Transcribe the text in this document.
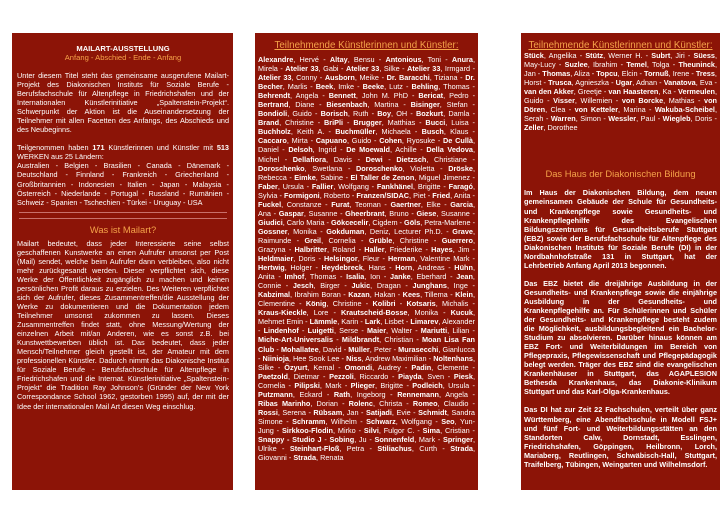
MAILART-AUSSTELLUNG

Anfang - Abschied - Ende - Anfang

Unter diesem Titel steht das gemeinsame ausgerufene Mailart-Projekt des Diakonischen Instituts für Soziale Berufe - Berufsfachschule für Altenpflege in Friedrichshafen und der Internationalen Künstlerinitiative „Spaltenstein-Projekt“. Schwerpunkt der Aktion ist die Auseinandersetzung der Teilnehmer mit allen Facetten des Anfangs, des Abschieds und des Neubeginns.

Teilgenommen haben 171 Künstlerinnen und Künstler mit 513 WERKEN aus 25 Ländern:

Australien - Belgien - Brasilien - Canada - Dänemark - Deutschland - Finnland - Frankreich - Griechenland - Großbritannien - Indonesien - Italien - Japan - Malaysia - Österreich - Niederlande - Portugal - Russland - Rumänien - Schweiz - Spanien - Tschechien - Türkei - Uruguay - USA

Was ist Mailart?

Mailart bedeutet, dass jeder Interessierte seine selbst geschaffenen Kunstwerke an einen Aufrufer umsonst per Post (Mail) sendet, welche beim Aufrufer dann verbleiben, also nicht mehr zurückgesandt werden. Dieser verpflichtet sich, diese Werke der Öffentlichkeit zugänglich zu machen und keinen persönlichen Profit daraus zu erzielen. Des Weiteren verpflichtet sich der Aufrufer, dieses Zusammentreffen/die Ausstellung der Werke zu dokumentieren und die Dokumentation jedem Teilnehmer umsonst zukommen zu lassen. Dieses Zusammentreffen findet statt, ohne Messung/Wertung der einzelnen Arbeit mit/an Anderen, wie es sonst z.B. bei Kunstwettbewerben üblich ist. Das bedeutet, dass jeder Mensch/Teilnehmer gleich gestellt ist, der Amateur mit dem professionellen Künstler. Dadurch nimmt das Diakonische Institut für Soziale Berufe - Berufsfachschule für Altenpflege in Friedrichshafen und die Internat. Künstlerinitiative „Spaltenstein-Projekt“ die Tradition Ray Johnson's (Gründer der New York Correspondance School 1962, gestorben 1995) auf, der mit der Idee der internationalen Mail Art diesen Weg einschlug.

Teilnehmende Künstlerinnen und Künstler:

Alexandre, Hervé - Altay, Bensu - Antonious, Toni - Anura, Mirela - Atelier 33, Gabi - Atelier 33, Silke - Atelier 33, Irmgard - Atelier 33, Conny - Ausborn, Meike - Dr. Baracchi, Tiziana - Dr. Becher, Marlis - Beek, Imke - Beeke, Lutz - Behling, Thomas - Behrendt, Angela - Bennett, John M. PhD - Bericat, Pedro - Bertrand, Diane - Biesenbach, Martina - Bisinger, Stefan - Bondioli, Guido - Borisch, Ruth - Boy, OH - Bozkurt, Damla - Brand, Christine - BriPli - Brugger, Matthias - Bucci, Luisa - Buchholz, Keith A. - Buchmüller, Michaela - Busch, Klaus - Caccaro, Mirta - Capuano, Guido - Cohen, Ryosuke - De Cullà, Daniel - Delsoh, Ingrid - De Moewald, Achille - Della Vedova, Michel - Dellafiora, Davis - Dewi - Dietzsch, Christiane - Doroschenko, Swetlana - Doroschenko, Violetta - Dröske, Rebecca - Eimke, Sabine - El Taller de Zenon, Miguel Jimenez - Faber, Ursula - Fallier, Wolfgang - Fankhänel, Brigitte - Faragó, Sylvia - Formigoni, Roberto - Franzen/SIDAC, Piet - Fried, Anita - Fuckel, Constanze - Furat, Teoman - Gaertner, Elke - Garcia, Ana - Gaspar, Susanne - Gheerbrant, Bruno - Giese, Susanne - Giudici, Carlo Maria - Gökcecelir, Cigdem - Göls, Petra-Marlene - Gossner, Monika - Gokduman, Deniz, Lecturer Ph.D. - Grave, Raimunde - Greil, Cornelia - Grüble, Christine - Guerrero, Grazyna - Halbritter, Roland - Haller, Friederike - Hayes, Jim - Heldmaier, Doris - Helsingor, Fleur - Herman, Valentine Mark - Hertwig, Holger - Heydebreck, Hans - Horn, Andreas - Hühn, Anita - Imhof, Thomas - Isalia, Ion - Janke, Eberhard - Jean, Connie - Jesch, Birger - Jukic, Dragan - Junghans, Inge - Kabzimal, Ibrahim Boran - Kazan, Hakan - Kees, Tillema - Klein, Clementine - König, Christine - Kolibri - Kotsaris, Michalis - Kraus-Kieckle, Lore - Krautscheid-Bosse, Monika - Kucuk, Mehmet Emin - Lämmle, Karin - Lark, Lisbet - Limarev, Alexander - Lindenhof - Luigetti, Serse - Maier, Walter - Mariutti, Lilian - Miche-Art-Universalis - Mildbrandt, Christian - Moan Lisa Fan Club - Mohallatee, David - Müller, Peter - Murasecchi, Gianlucca - Niinioja, Hee Sook Lee - Niss, Andrew Maximilian - Noltenhans, Silke - Özyurt, Kemal - Omondi, Audrey - Padin, Clemente - Paetzold, Dietmar - Pezzoli, Riccardo - Piayda, Sven - Piesk, Cornelia - Pilipski, Mark - Plieger, Brigitte - Podleich, Ursula - Putzmann, Eckard - Rath, Ingeborg - Rennemann, Angela - Ribas Marinho, Dorian - Rolenc, Christa - Romeo, Claudio - Rossi, Serena - Rübsam, Jan - Satijadi, Evie - Schmidt, Sandra Simone - Schramm, Wilhelm - Schwarz, Wolfgang - Seo, Yun-Jung - Sirkkoo-Flodin, Mirko - Silvi, Fulgor C. - Sima, Cristian - Snappy - Studio J - Sobing, Ju - Sonnenfeld, Mark - Springer, Ulrike - Steinhart-Floß, Petra - Stiliachus, Curth - Strada, Giovanni - Strada, Renata

Teilnehmende Künstlerinnen und Künstler:

Stück, Angelika - Stütz, Werner H. - Subrt, Jiri - Süess, May-Lucy - Suzlee, Ibrahim - Temel, Tolga - Theuninck, Jan - Thomas, Aliza - Topcu, Elcin - Tornuß, Irene - Tress, Horst - Trusca, Agnieszka - Ugar, Adnan - Vanatova, Eva - van den Akker, Greetje - van Haasteren, Ka - Vermeulen, Guido - Visser, Willemien - von Borcke, Mathias - von Dören, Clea - von Ketteler, Marina - Wakuba-Scheibel, Serah - Warren, Simon - Wessler, Paul - Wiegleb, Doris - Zeller, Dorothee

Das Haus der Diakonischen Bildung

Im Haus der Diakonischen Bildung, dem neuen gemeinsamen Gebäude der Schule für Gesundheits- und Krankenpflege sowie Gesundheits- und Krankenpflegehilfe des Evangelischen Bildungszentrums für Gesundheitsberufe Stuttgart (EBZ) sowie der Berufsfachschule für Altenpflege des Diakonischen Instituts für Soziale Berufe (DI) in der Nordbahnhofstraße 131 in Stuttgart, hat der Lehrbetrieb Anfang April 2013 begonnen.

Das EBZ bietet die dreijährige Ausbildung in der Gesundheits- und Krankenpflege sowie die einjährige Ausbildung in der Gesundheits- und Krankenpflegehilfe an. Für Schülerinnen und Schüler der Gesundheits- und Krankenpflege besteht zudem die Möglichkeit, ausbildungsbegleitend ein Bachelor-Studium zu absolvieren. Darüber hinaus können am EBZ Fort- und Weiterbildungen im Bereich von Pflegepraxis, Pflegewissenschaft und Pflegepädagogik belegt werden. Träger des EBZ sind die evangelischen Krankenhäuser in Stuttgart, das AGAPLESION Bethesda Krankenhaus, das Diakonie-Klinikum Stuttgart und das Karl-Olga-Krankenhaus.

Das DI hat zur Zeit 22 Fachschulen, verteilt über ganz Württemberg, eine Abendfachschule in Modell FSJ+ und fünf Fort- und Weiterbildungsstätten an den Standorten Calw, Dornstadt, Esslingen, Friedrichshafen, Göppingen, Heilbronn, Lorch, Mariaberg, Reutlingen, Schwäbisch-Hall, Stuttgart, Traifelberg, Tübingen, Weingarten und Wilhelmsdorf.
